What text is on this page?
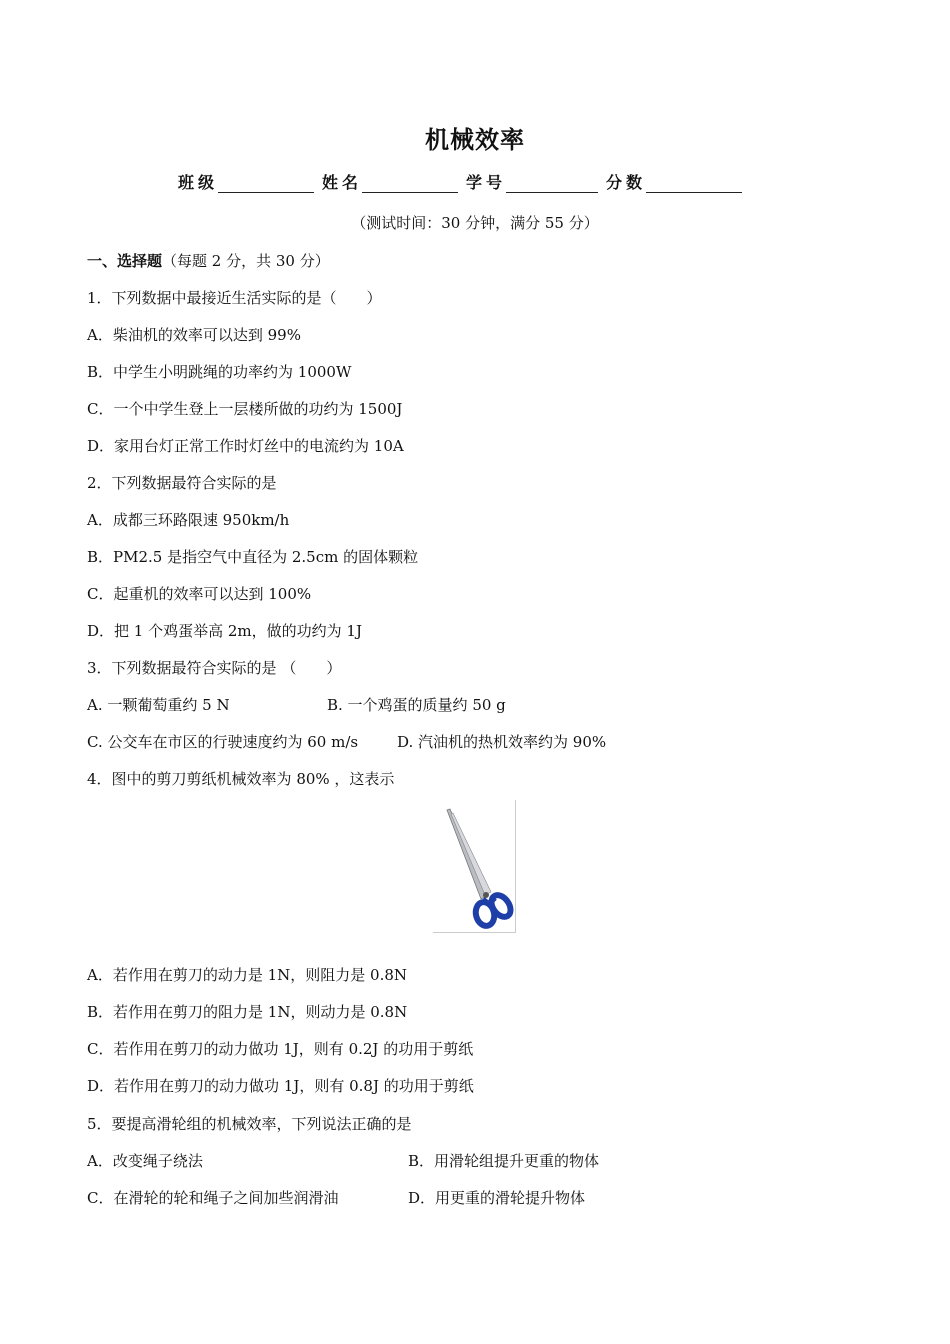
机械效率
班级	姓名	学号	分数
（测试时间：30 分钟，满分 55 分）
一、选择题（每题 2 分，共 30 分）
1．下列数据中最接近生活实际的是（　　）
A．柴油机的效率可以达到 99%
B．中学生小明跳绳的功率约为 1000W
C．一个中学生登上一层楼所做的功约为 1500J
D．家用台灯正常工作时灯丝中的电流约为 10A
2．下列数据最符合实际的是
A．成都三环路限速 950km/h
B．PM2.5 是指空气中直径为 2.5cm 的固体颗粒
C．起重机的效率可以达到 100%
D．把 1 个鸡蛋举高 2m，做的功约为 1J
3．下列数据最符合实际的是 （　　）
A. 一颗葡萄重约 5 N	B. 一个鸡蛋的质量约 50 g
C. 公交车在市区的行驶速度约为 60 m/s	D. 汽油机的热机效率约为 90%
4．图中的剪刀剪纸机械效率为 80% ，这表示
A．若作用在剪刀的动力是 1N，则阻力是 0.8N
B．若作用在剪刀的阻力是 1N，则动力是 0.8N
C．若作用在剪刀的动力做功 1J，则有 0.2J 的功用于剪纸
D．若作用在剪刀的动力做功 1J，则有 0.8J 的功用于剪纸
5．要提高滑轮组的机械效率，下列说法正确的是
A．改变绳子绕法	B．用滑轮组提升更重的物体
C．在滑轮的轮和绳子之间加些润滑油	D．用更重的滑轮提升物体
